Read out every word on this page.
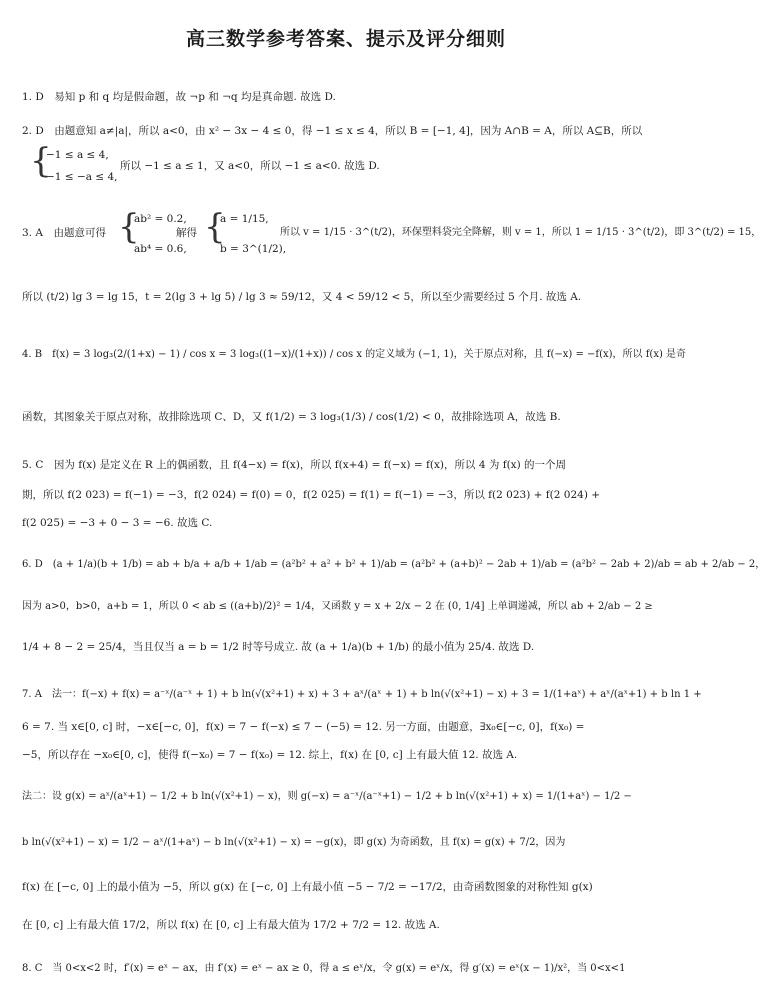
高三数学参考答案、提示及评分细则
1. D　易知 p 和 q 均是假命题，故 ¬p 和 ¬q 均是真命题. 故选 D.
2. D　由题意知 a≠|a|，所以 a<0，由 x² − 3x − 4 ≤ 0，得 −1 ≤ x ≤ 4，所以 B = [−1, 4]，因为 A∩B = A，所以 A⊆B，所以
{
−1 ≤ a ≤ 4,
−1 ≤ −a ≤ 4,
所以 −1 ≤ a ≤ 1，又 a<0，所以 −1 ≤ a<0. 故选 D.
3. A　由题意可得 {
ab² = 0.2,
ab⁴ = 0.6,
解得 {
a = 1/15,
b = 3^(1/2),
所以 v = 1/15 · 3^(t/2)，环保塑料袋完全降解，则 v = 1，所以 1 = 1/15 · 3^(t/2)，即 3^(t/2) = 15，
所以 (t/2) lg 3 = lg 15，t = 2(lg 3 + lg 5) / lg 3 ≈ 59/12，又 4 < 59/12 < 5，所以至少需要经过 5 个月. 故选 A.
4. B　f(x) = 3 log₃(2/(1+x) − 1) / cos x = 3 log₃((1−x)/(1+x)) / cos x 的定义域为 (−1, 1)，关于原点对称，且 f(−x) = −f(x)，所以 f(x) 是奇
函数，其图象关于原点对称，故排除选项 C、D，又 f(1/2) = 3 log₃(1/3) / cos(1/2) < 0，故排除选项 A，故选 B.
5. C　因为 f(x) 是定义在 R 上的偶函数，且 f(4−x) = f(x)，所以 f(x+4) = f(−x) = f(x)，所以 4 为 f(x) 的一个周
期，所以 f(2 023) = f(−1) = −3，f(2 024) = f(0) = 0，f(2 025) = f(1) = f(−1) = −3，所以 f(2 023) + f(2 024) +
f(2 025) = −3 + 0 − 3 = −6. 故选 C.
6. D　(a + 1/a)(b + 1/b) = ab + b/a + a/b + 1/ab = (a²b² + a² + b² + 1)/ab = (a²b² + (a+b)² − 2ab + 1)/ab = (a²b² − 2ab + 2)/ab = ab + 2/ab − 2，
因为 a>0，b>0，a+b = 1，所以 0 < ab ≤ ((a+b)/2)² = 1/4，又函数 y = x + 2/x − 2 在 (0, 1/4] 上单调递减，所以 ab + 2/ab − 2 ≥
1/4 + 8 − 2 = 25/4，当且仅当 a = b = 1/2 时等号成立. 故 (a + 1/a)(b + 1/b) 的最小值为 25/4. 故选 D.
7. A　法一：f(−x) + f(x) = a⁻ˣ/(a⁻ˣ + 1) + b ln(√(x²+1) + x) + 3 + aˣ/(aˣ + 1) + b ln(√(x²+1) − x) + 3 = 1/(1+aˣ) + aˣ/(aˣ+1) + b ln 1 +
6 = 7. 当 x∈[0, c] 时，−x∈[−c, 0]，f(x) = 7 − f(−x) ≤ 7 − (−5) = 12. 另一方面，由题意，∃x₀∈[−c, 0]，f(x₀) =
−5，所以存在 −x₀∈[0, c]，使得 f(−x₀) = 7 − f(x₀) = 12. 综上，f(x) 在 [0, c] 上有最大值 12. 故选 A.
法二：设 g(x) = aˣ/(aˣ+1) − 1/2 + b ln(√(x²+1) − x)，则 g(−x) = a⁻ˣ/(a⁻ˣ+1) − 1/2 + b ln(√(x²+1) + x) = 1/(1+aˣ) − 1/2 −
b ln(√(x²+1) − x) = 1/2 − aˣ/(1+aˣ) − b ln(√(x²+1) − x) = −g(x)，即 g(x) 为奇函数，且 f(x) = g(x) + 7/2，因为
f(x) 在 [−c, 0] 上的最小值为 −5，所以 g(x) 在 [−c, 0] 上有最小值 −5 − 7/2 = −17/2，由奇函数图象的对称性知 g(x)
在 [0, c] 上有最大值 17/2，所以 f(x) 在 [0, c] 上有最大值为 17/2 + 7/2 = 12. 故选 A.
8. C　当 0<x<2 时，f′(x) = eˣ − ax，由 f′(x) = eˣ − ax ≥ 0，得 a ≤ eˣ/x，令 g(x) = eˣ/x，得 g′(x) = eˣ(x − 1)/x²，当 0<x<1
